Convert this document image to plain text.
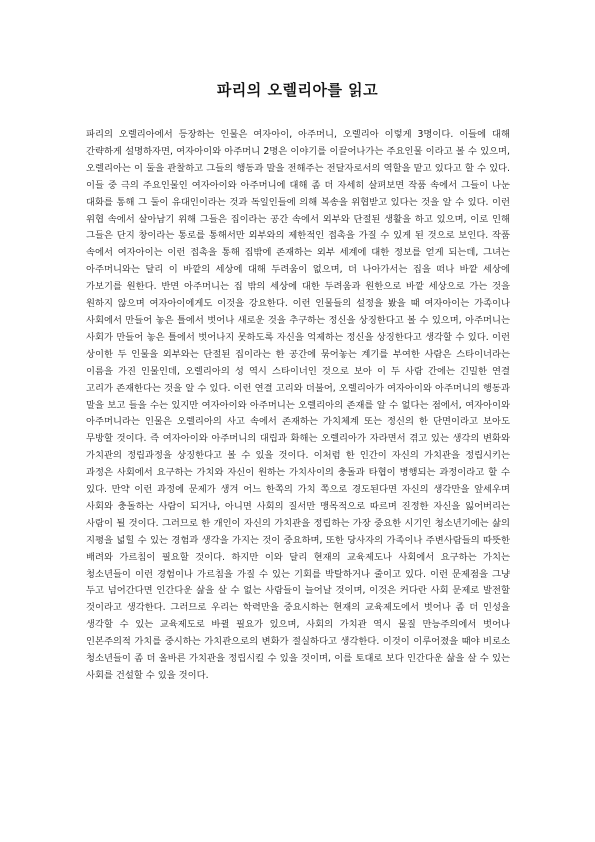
파리의 오렐리아를 읽고

파리의 오렐리아에서 등장하는 인물은 여자아이, 아주머니, 오렐리아 이렇게 3명이다. 이들에 대해 간략하게 설명하자면, 여자아이와 아주머니 2명은 이야기를 이끌어나가는 주요인물 이라고 볼 수 있으며, 오렐리아는 이 둘을 관찰하고 그들의 행동과 말을 전해주는 전달자로서의 역할을 맡고 있다고 할 수 있다. 이들 중 극의 주요인물인 여자아이와 아주머니에 대해 좀 더 자세히 살펴보면 작품 속에서 그들이 나눈 대화를 통해 그 둘이 유대인이라는 것과 독일인들에 의해 복송을 위협받고 있다는 것을 알 수 있다. 이런 위협 속에서 살아남기 위해 그들은 집이라는 공간 속에서 외부와 단절된 생활을 하고 있으며, 이로 인해 그들은 단지 창이라는 통로를 통해서만 외부와의 제한적인 접촉을 가질 수 있게 된 것으로 보인다. 작품 속에서 여자아이는 이런 접촉을 통해 집밖에 존재하는 외부 세계에 대한 정보를 얻게 되는데, 그녀는 아주머니와는 달리 이 바깥의 세상에 대해 두려움이 없으며, 더 나아가서는 집을 떠나 바깥 세상에 가보기를 원한다. 반면 아주머니는 집 밖의 세상에 대한 두려움과 원한으로 바깥 세상으로 가는 것을 원하지 않으며 여자아이에게도 이것을 강요한다. 이런 인물들의 설정을 봤을 때 여자아이는 가족이나 사회에서 만들어 놓은 틀에서 벗어나 새로운 것을 추구하는 정신을 상징한다고 볼 수 있으며, 아주머니는 사회가 만들어 놓은 틀에서 벗어나지 못하도록 자신을 억제하는 정신을 상징한다고 생각할 수 있다. 이런 상이한 두 인물을 외부와는 단절된 집이라는 한 공간에 묶어놓는 계기를 부여한 사람은 스타이너라는 이름을 가진 인물인데, 오렐리아의 성 역시 스타이너인 것으로 보아 이 두 사람 간에는 긴밀한 연결 고리가 존재한다는 것을 알 수 있다. 이런 연결 고리와 더불어, 오렐리아가 여자아이와 아주머니의 행동과 말을 보고 들을 수는 있지만 여자아이와 아주머니는 오렐리아의 존재를 알 수 없다는 점에서, 여자아이와 아주머니라는 인물은 오렐리아의 사고 속에서 존재하는 가치체계 또는 정신의 한 단면이라고 보아도 무방할 것이다. 즉 여자아이와 아주머니의 대립과 화해는 오렐리아가 자라면서 겪고 있는 생각의 변화와 가치관의 정립과정을 상징한다고 볼 수 있을 것이다. 이처럼 한 인간이 자신의 가치관을 정립시키는 과정은 사회에서 요구하는 가치와 자신이 원하는 가치사이의 충돌과 타협이 병행되는 과정이라고 할 수 있다. 만약 이런 과정에 문제가 생겨 어느 한쪽의 가치 쪽으로 경도된다면 자신의 생각만을 앞세우며 사회와 충돌하는 사람이 되거나, 아니면 사회의 질서만 맹목적으로 따르며 진정한 자신을 잃어버리는 사람이 될 것이다. 그러므로 한 개인이 자신의 가치관을 정립하는 가장 중요한 시기인 청소년기에는 삶의 지평을 넓힐 수 있는 경험과 생각을 가지는 것이 중요하며, 또한 당사자의 가족이나 주변사람들의 따뜻한 배려와 가르침이 필요할 것이다. 하지만 이와 달리 현재의 교육제도나 사회에서 요구하는 가치는 청소년들이 이런 경험이나 가르침을 가질 수 있는 기회를 박탈하거나 줄이고 있다. 이런 문제점을 그냥 두고 넘어간다면 인간다운 삶을 살 수 없는 사람들이 늘어날 것이며, 이것은 커다란 사회 문제로 발전할 것이라고 생각한다. 그러므로 우리는 학력만을 중요시하는 현재의 교육제도에서 벗어나 좀 더 인성을 생각할 수 있는 교육제도로 바뀔 필요가 있으며, 사회의 가치관 역시 물질 만능주의에서 벗어나 인본주의적 가치를 중시하는 가치관으로의 변화가 절실하다고 생각한다. 이것이 이루어졌을 때야 비로소 청소년들이 좀 더 올바른 가치관을 정립시킬 수 있을 것이며, 이를 토대로 보다 인간다운 삶을 살 수 있는 사회를 건설할 수 있을 것이다.
